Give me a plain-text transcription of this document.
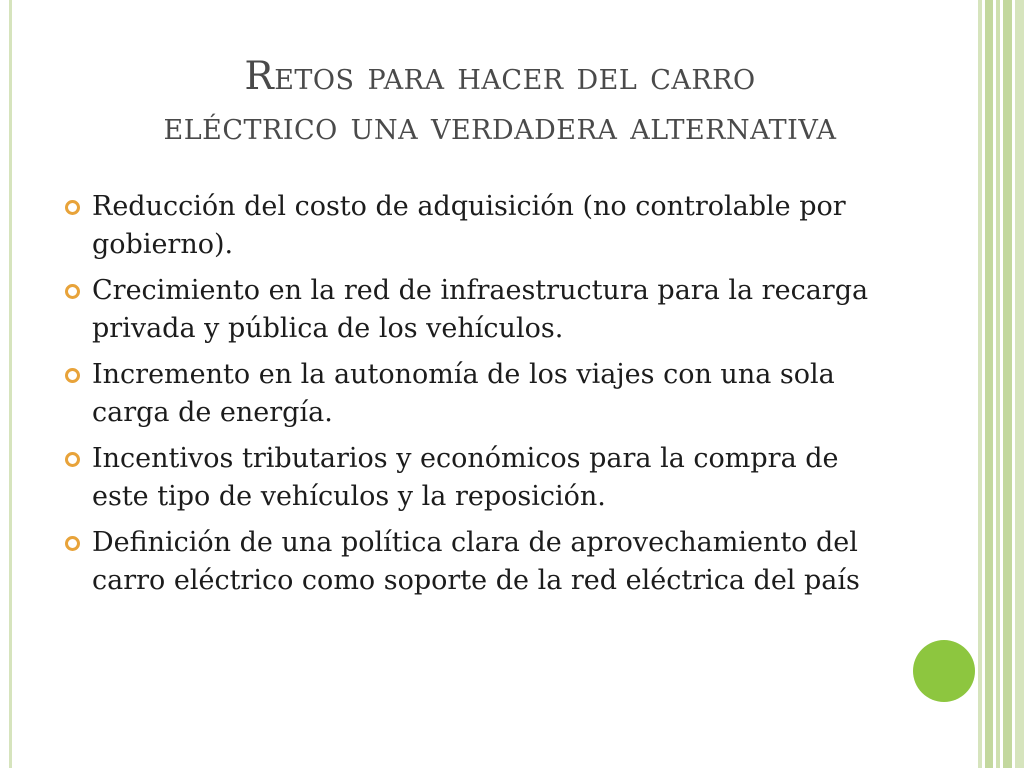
Retos para hacer del carro
eléctrico una verdadera alternativa
Reducción del costo de adquisición (no controlable por gobierno).
Crecimiento en la red de infraestructura para la recarga privada y pública de los vehículos.
Incremento en la autonomía de los viajes con una sola carga de energía.
Incentivos tributarios y económicos para la compra de este tipo de vehículos y la reposición.
Definición de una política clara de aprovechamiento del carro eléctrico como soporte de la red eléctrica del país
